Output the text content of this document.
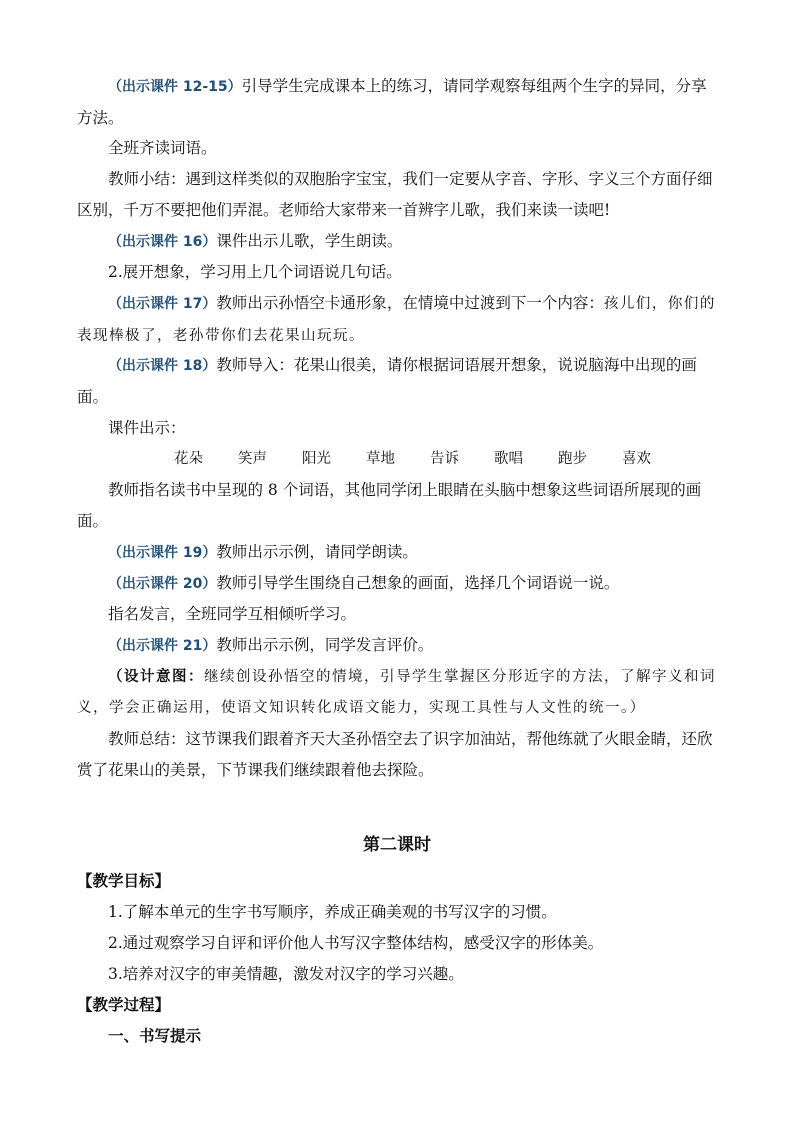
（出示课件 12-15）引导学生完成课本上的练习，请同学观察每组两个生字的异同，分享方法。

全班齐读词语。

教师小结：遇到这样类似的双胞胎字宝宝，我们一定要从字音、字形、字义三个方面仔细区别，千万不要把他们弄混。老师给大家带来一首辨字儿歌，我们来读一读吧!

（出示课件 16）课件出示儿歌，学生朗读。

2.展开想象，学习用上几个词语说几句话。

（出示课件 17）教师出示孙悟空卡通形象，在情境中过渡到下一个内容：孩儿们，你们的表现棒极了，老孙带你们去花果山玩玩。

（出示课件 18）教师导入：花果山很美，请你根据词语展开想象，说说脑海中出现的画面。

课件出示：

花朵 笑声 阳光 草地 告诉 歌唱 跑步 喜欢

教师指名读书中呈现的 8 个词语，其他同学闭上眼睛在头脑中想象这些词语所展现的画面。

（出示课件 19）教师出示示例，请同学朗读。

（出示课件 20）教师引导学生围绕自己想象的画面，选择几个词语说一说。

指名发言，全班同学互相倾听学习。

（出示课件 21）教师出示示例，同学发言评价。

（设计意图：继续创设孙悟空的情境，引导学生掌握区分形近字的方法，了解字义和词义，学会正确运用，使语文知识转化成语文能力，实现工具性与人文性的统一。）

教师总结：这节课我们跟着齐天大圣孙悟空去了识字加油站，帮他练就了火眼金睛，还欣赏了花果山的美景，下节课我们继续跟着他去探险。

第二课时
【教学目标】
1.了解本单元的生字书写顺序，养成正确美观的书写汉字的习惯。
2.通过观察学习自评和评价他人书写汉字整体结构，感受汉字的形体美。
3.培养对汉字的审美情趣，激发对汉字的学习兴趣。
【教学过程】
一、书写提示
